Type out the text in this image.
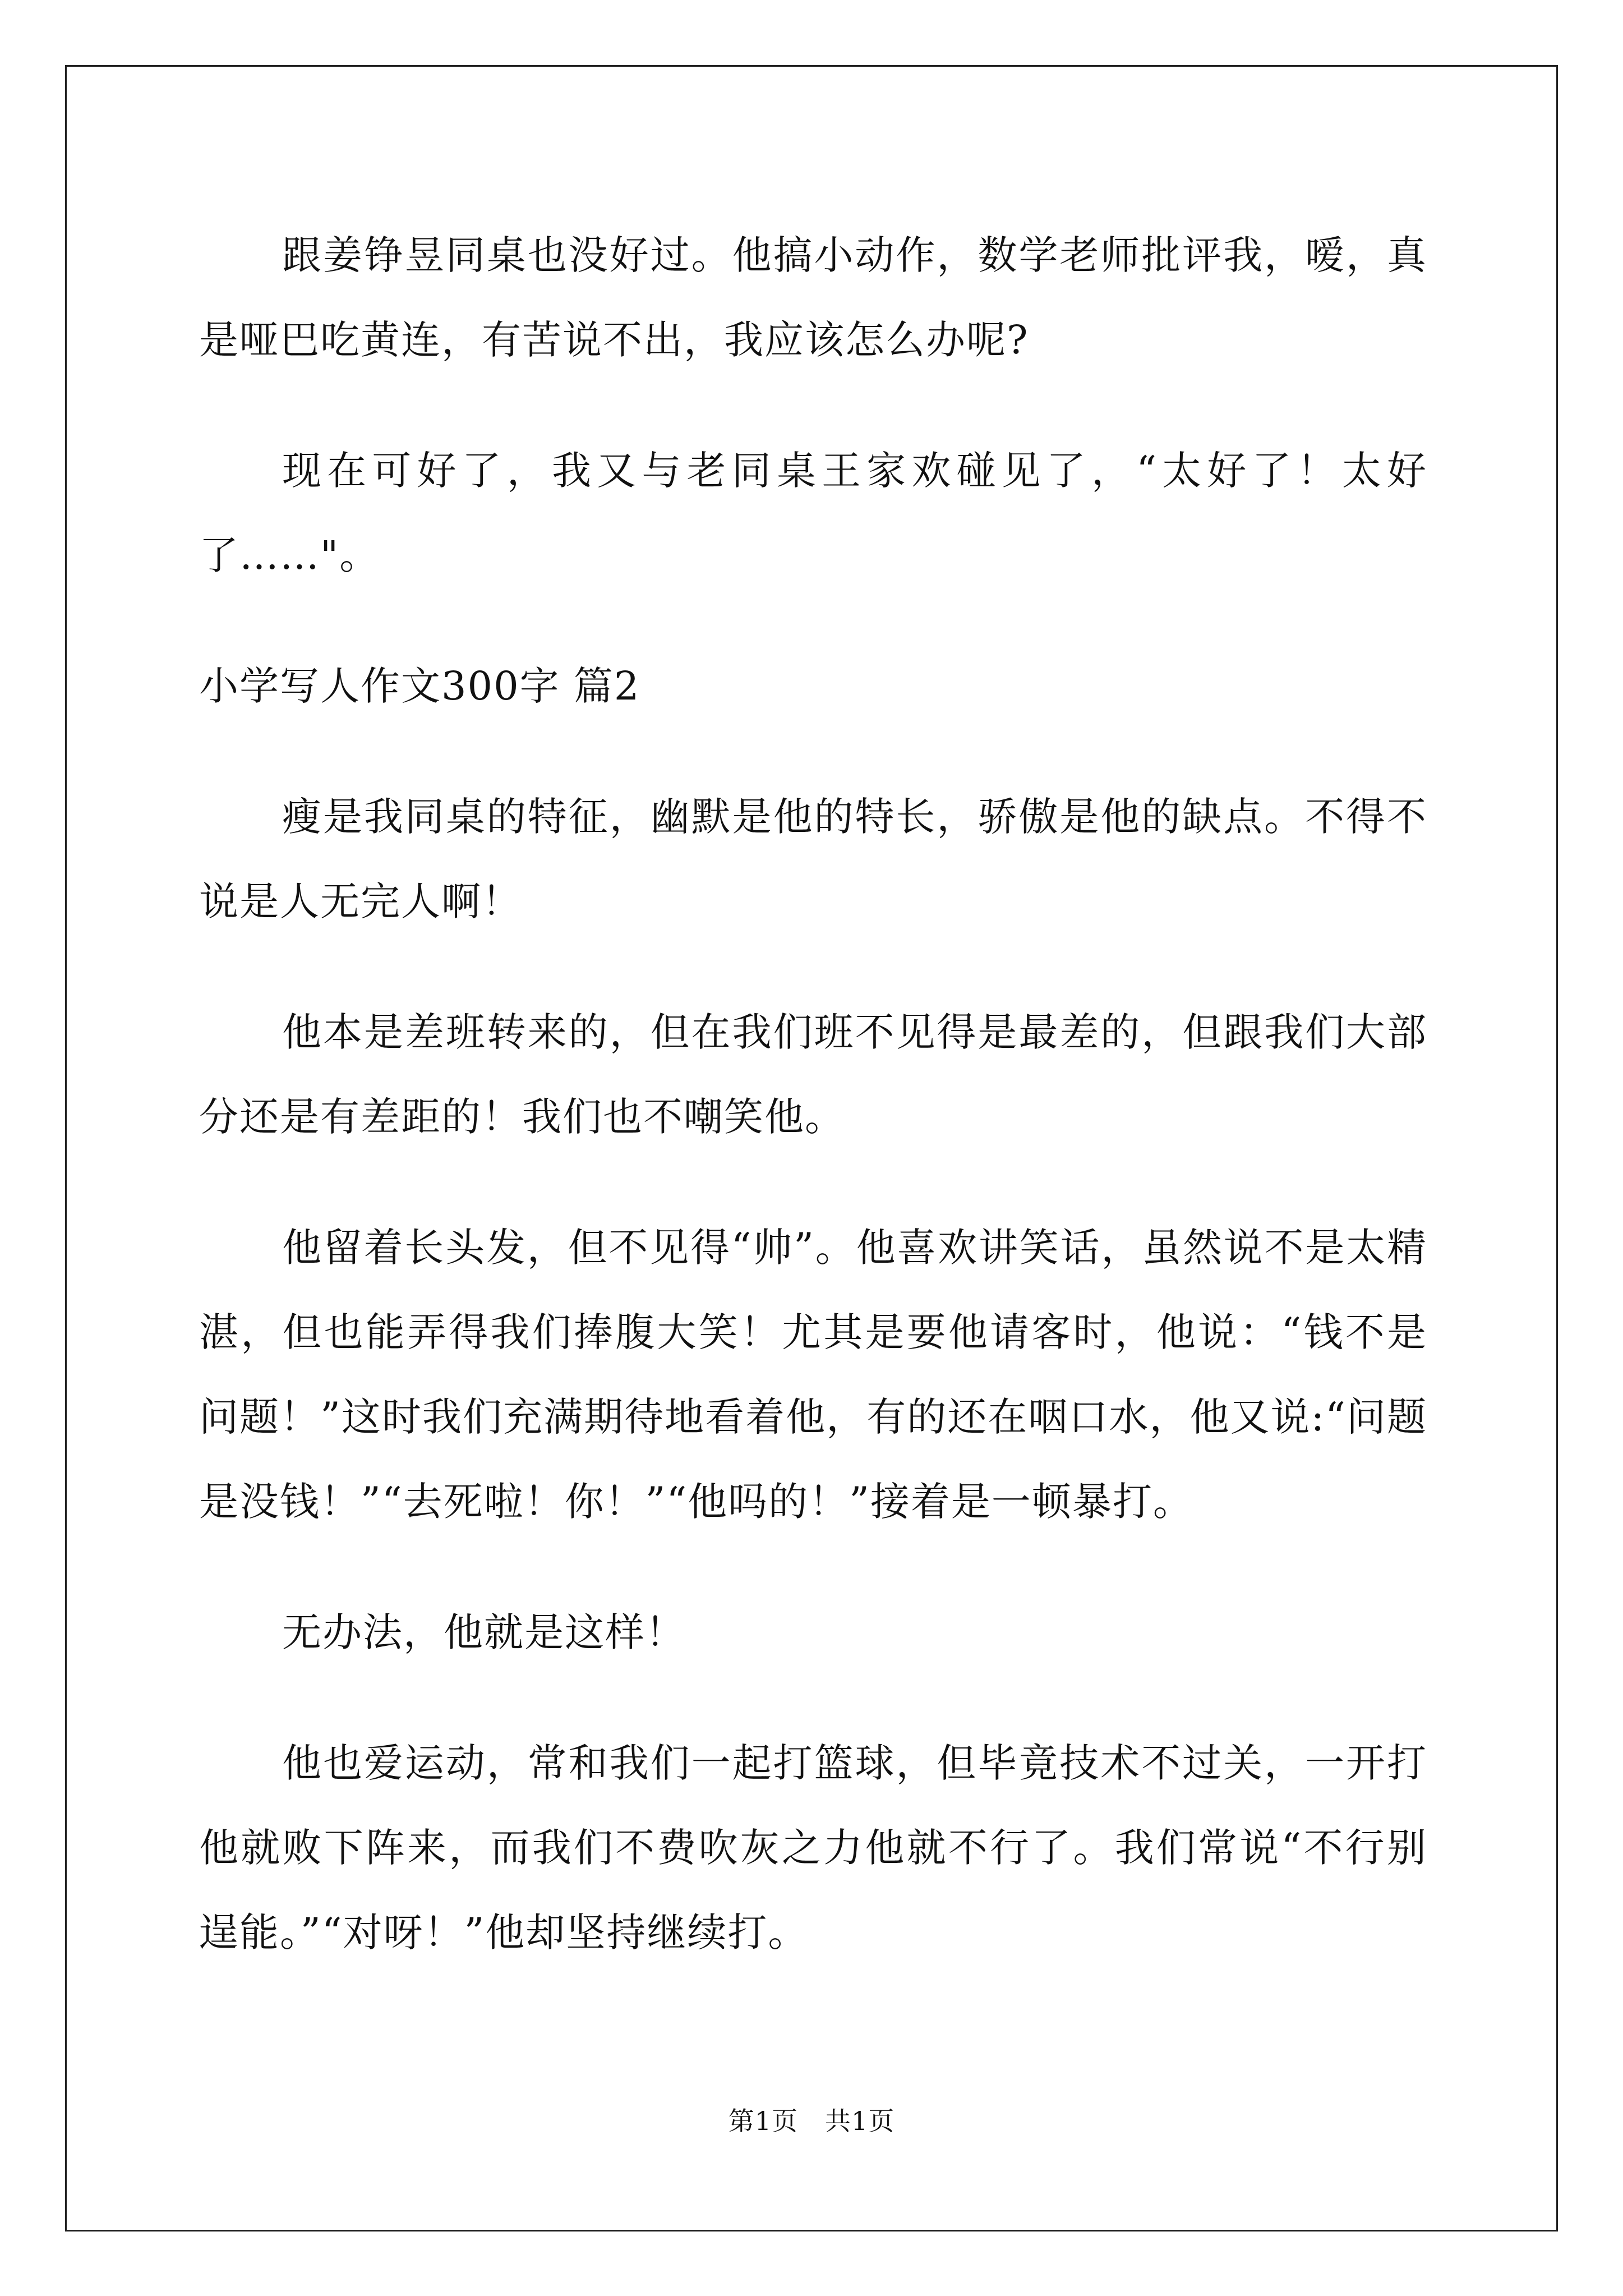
跟姜铮昱同桌也没好过。他搞小动作，数学老师批评我，嗳，真是哑巴吃黄连，有苦说不出，我应该怎么办呢?

现在可好了，我又与老同桌王家欢碰见了，“太好了！太好了……"。

小学写人作文300字 篇2

瘦是我同桌的特征，幽默是他的特长，骄傲是他的缺点。不得不说是人无完人啊！

他本是差班转来的，但在我们班不见得是最差的，但跟我们大部分还是有差距的！我们也不嘲笑他。

他留着长头发，但不见得“帅”。他喜欢讲笑话，虽然说不是太精湛，但也能弄得我们捧腹大笑！尤其是要他请客时，他说：“钱不是问题！”这时我们充满期待地看着他，有的还在咽口水，他又说:“问题是没钱！”“去死啦！你！”“他吗的！”接着是一顿暴打。

无办法，他就是这样！

他也爱运动，常和我们一起打篮球，但毕竟技术不过关，一开打他就败下阵来，而我们不费吹灰之力他就不行了。我们常说“不行别逞能。”“对呀！”他却坚持继续打。

第1页 共1页
